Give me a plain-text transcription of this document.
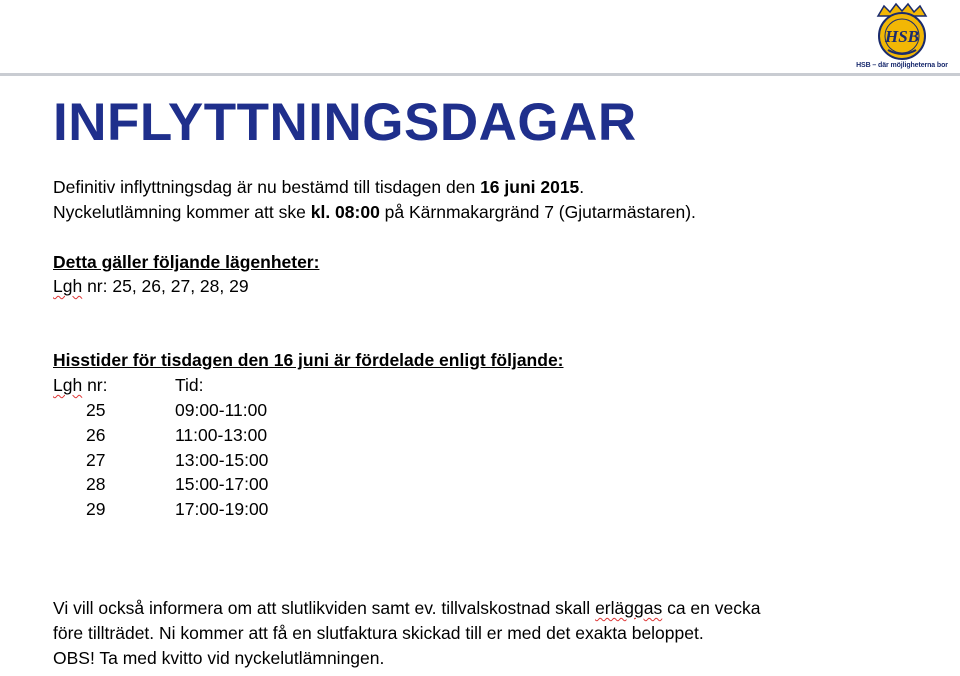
HSB
HSB – där möjligheterna bor
INFLYTTNINGSDAGAR
Definitiv inflyttningsdag är nu bestämd till tisdagen den 16 juni 2015.
Nyckelutlämning kommer att ske kl. 08:00 på Kärnmakargränd 7 (Gjutarmästaren).
Detta gäller följande lägenheter:
Lgh nr: 25, 26, 27, 28, 29
Hisstider för tisdagen den 16 juni är fördelade enligt följande:
Lgh nr:	Tid:
25	09:00-11:00
26	11:00-13:00
27	13:00-15:00
28	15:00-17:00
29	17:00-19:00
Vi vill också informera om att slutlikviden samt ev. tillvalskostnad skall erläggas ca en vecka
före tillträdet. Ni kommer att få en slutfaktura skickad till er med det exakta beloppet.
OBS! Ta med kvitto vid nyckelutlämningen.
